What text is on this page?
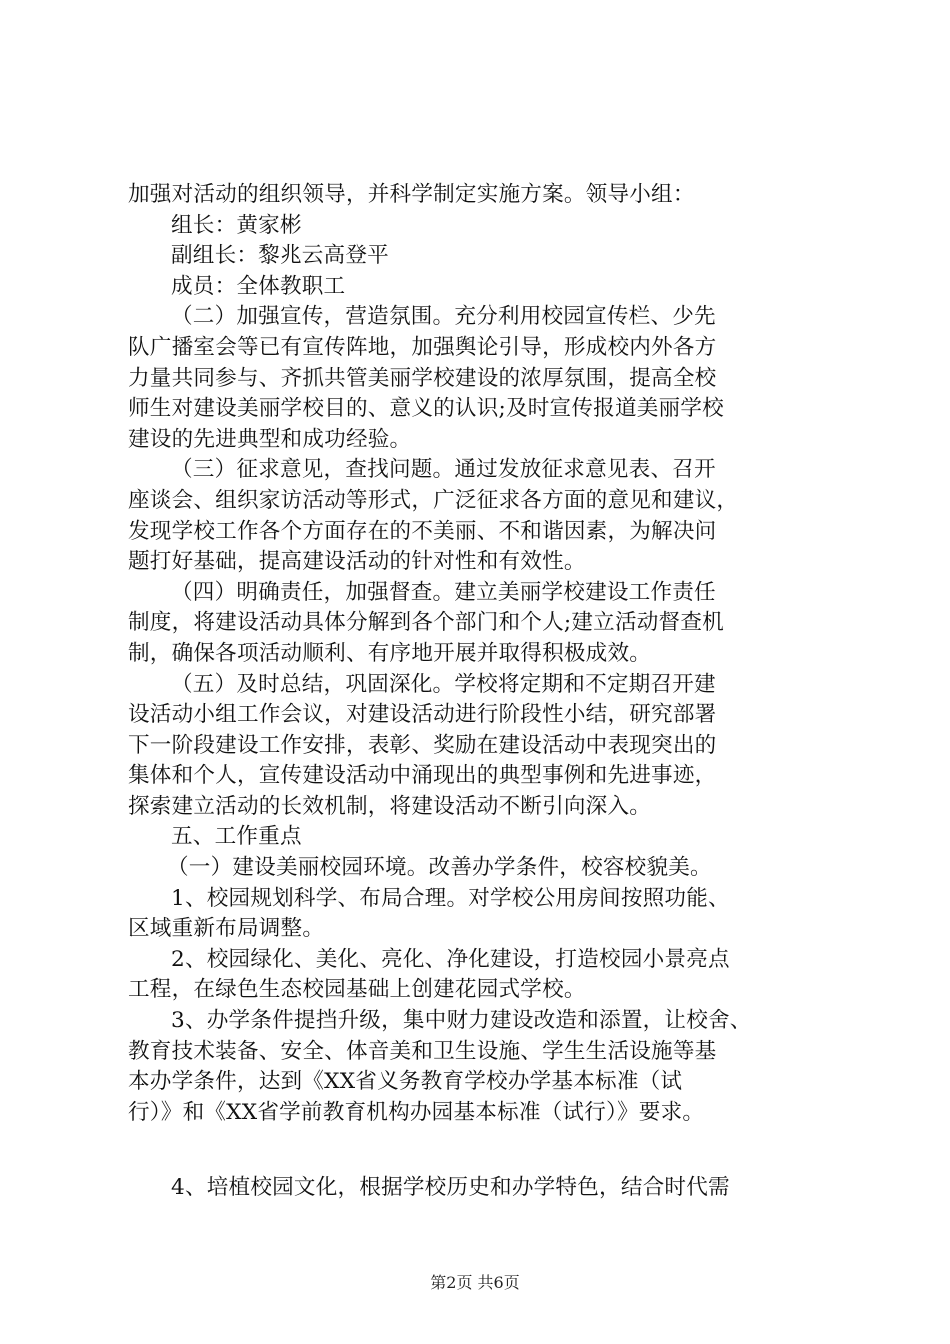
加强对活动的组织领导，并科学制定实施方案。领导小组：
组长：黄家彬
副组长：黎兆云高登平
成员：全体教职工
（二）加强宣传，营造氛围。充分利用校园宣传栏、少先
队广播室会等已有宣传阵地，加强舆论引导，形成校内外各方
力量共同参与、齐抓共管美丽学校建设的浓厚氛围，提高全校
师生对建设美丽学校目的、意义的认识;及时宣传报道美丽学校
建设的先进典型和成功经验。
（三）征求意见，查找问题。通过发放征求意见表、召开
座谈会、组织家访活动等形式，广泛征求各方面的意见和建议，
发现学校工作各个方面存在的不美丽、不和谐因素，为解决问
题打好基础，提高建设活动的针对性和有效性。
（四）明确责任，加强督查。建立美丽学校建设工作责任
制度，将建设活动具体分解到各个部门和个人;建立活动督查机
制，确保各项活动顺利、有序地开展并取得积极成效。
（五）及时总结，巩固深化。学校将定期和不定期召开建
设活动小组工作会议，对建设活动进行阶段性小结，研究部署
下一阶段建设工作安排，表彰、奖励在建设活动中表现突出的
集体和个人，宣传建设活动中涌现出的典型事例和先进事迹，
探索建立活动的长效机制，将建设活动不断引向深入。
五、工作重点
（一）建设美丽校园环境。改善办学条件，校容校貌美。
1、校园规划科学、布局合理。对学校公用房间按照功能、
区域重新布局调整。
2、校园绿化、美化、亮化、净化建设，打造校园小景亮点
工程，在绿色生态校园基础上创建花园式学校。
3、办学条件提挡升级，集中财力建设改造和添置，让校舍、
教育技术装备、安全、体音美和卫生设施、学生生活设施等基
本办学条件，达到《XX省义务教育学校办学基本标准（试
行）》和《XX省学前教育机构办园基本标准（试行）》要求。
4、培植校园文化，根据学校历史和办学特色，结合时代需
第2页 共6页
